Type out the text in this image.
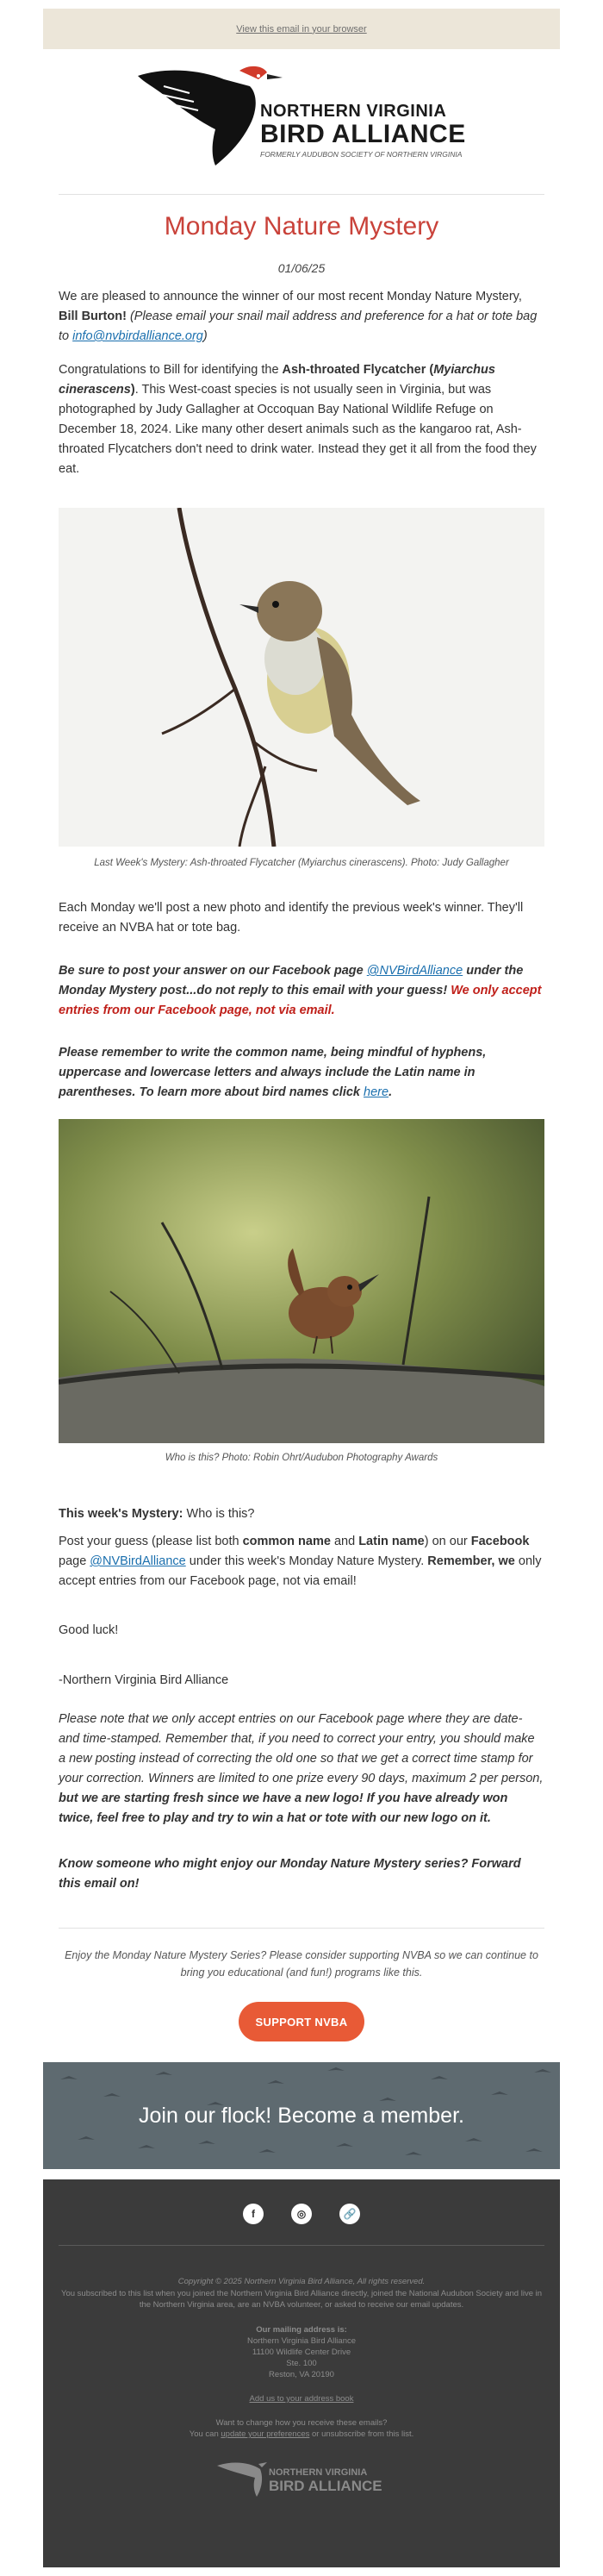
View this email in your browser
NORTHERN VIRGINIA
BIRD ALLIANCE
FORMERLY AUDUBON SOCIETY OF NORTHERN VIRGINIA
Monday Nature Mystery
01/06/25
We are pleased to announce the winner of our most recent Monday Nature Mystery, Bill Burton! (Please email your snail mail address and preference for a hat or tote bag to info@nvbirdalliance.org)
Congratulations to Bill for identifying the Ash-throated Flycatcher (Myiarchus cinerascens). This West-coast species is not usually seen in Virginia, but was photographed by Judy Gallagher at Occoquan Bay National Wildlife Refuge on December 18, 2024. Like many other desert animals such as the kangaroo rat, Ash-throated Flycatchers don't need to drink water. Instead they get it all from the food they eat.
Last Week's Mystery: Ash-throated Flycatcher (Myiarchus cinerascens). Photo: Judy Gallagher
Each Monday we'll post a new photo and identify the previous week's winner. They'll receive an NVBA hat or tote bag.
Be sure to post your answer on our Facebook page @NVBirdAlliance under the Monday Mystery post...do not reply to this email with your guess! We only accept entries from our Facebook page, not via email.
Please remember to write the common name, being mindful of hyphens, uppercase and lowercase letters and always include the Latin name in parentheses. To learn more about bird names click here.
Who is this? Photo: Robin Ohrt/Audubon Photography Awards
This week's Mystery: Who is this?
Post your guess (please list both common name and Latin name) on our Facebook page @NVBirdAlliance under this week's Monday Nature Mystery. Remember, we only accept entries from our Facebook page, not via email!
Good luck!
-Northern Virginia Bird Alliance
Please note that we only accept entries on our Facebook page where they are date- and time-stamped. Remember that, if you need to correct your entry, you should make a new posting instead of correcting the old one so that we get a correct time stamp for your correction. Winners are limited to one prize every 90 days, maximum 2 per person, but we are starting fresh since we have a new logo! If you have already won twice, feel free to play and try to win a hat or tote with our new logo on it.
Know someone who might enjoy our Monday Nature Mystery series? Forward this email on!
Enjoy the Monday Nature Mystery Series? Please consider supporting NVBA so we can continue to bring you educational (and fun!) programs like this.
SUPPORT NVBA
Join our flock! Become a member.
f	◎	🔗
Copyright © 2025 Northern Virginia Bird Alliance, All rights reserved.
You subscribed to this list when you joined the Northern Virginia Bird Alliance directly, joined the National Audubon Society and live in the Northern Virginia area, are an NVBA volunteer, or asked to receive our email updates.
Our mailing address is:
Northern Virginia Bird Alliance
11100 Wildlife Center Drive
Ste. 100
Reston, VA 20190
Add us to your address book
Want to change how you receive these emails?
You can update your preferences or unsubscribe from this list.
NORTHERN VIRGINIA
BIRD ALLIANCE
